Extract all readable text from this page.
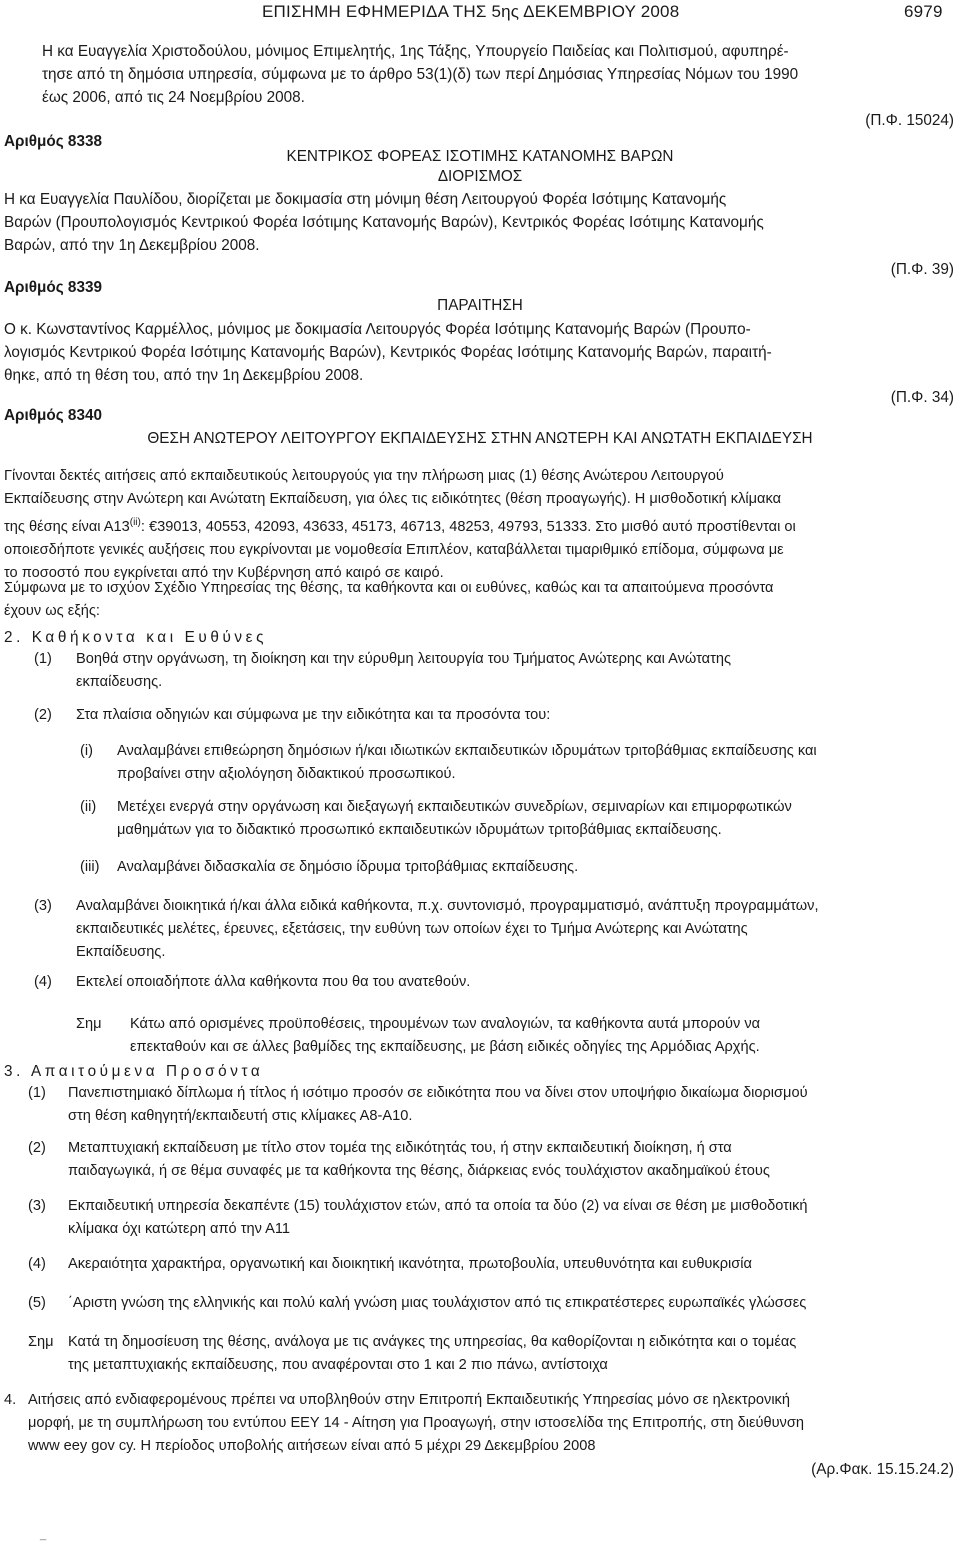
ΕΠΙΣΗΜΗ ΕΦΗΜΕΡΙΔΑ ΤΗΣ 5ης ΔΕΚΕΜΒΡΙΟΥ 2008	6979
Η κα Ευαγγελία Χριστοδούλου, μόνιμος Επιμελητής, 1ης Τάξης, Υπουργείο Παιδείας και Πολιτισμού, αφυπηρέ-
τησε από τη δημόσια υπηρεσία, σύμφωνα με το άρθρο 53(1)(δ) των περί Δημόσιας Υπηρεσίας Νόμων του 1990
έως 2006, από τις 24 Νοεμβρίου 2008.
(Π.Φ. 15024)
Αριθμός 8338
ΚΕΝΤΡΙΚΟΣ ΦΟΡΕΑΣ ΙΣΟΤΙΜΗΣ ΚΑΤΑΝΟΜΗΣ ΒΑΡΩΝ
ΔΙΟΡΙΣΜΟΣ
Η κα Ευαγγελία Παυλίδου, διορίζεται με δοκιμασία στη μόνιμη θέση Λειτουργού Φορέα Ισότιμης Κατανομής
Βαρών (Προυπολογισμός Κεντρικού Φορέα Ισότιμης Κατανομής Βαρών), Κεντρικός Φορέας Ισότιμης Κατανομής
Βαρών, από την 1η Δεκεμβρίου 2008.
(Π.Φ. 39)
Αριθμός 8339
ΠΑΡΑΙΤΗΣΗ
Ο κ. Κωνσταντίνος Καρμέλλος, μόνιμος με δοκιμασία Λειτουργός Φορέα Ισότιμης Κατανομής Βαρών (Προυπο-
λογισμός Κεντρικού Φορέα Ισότιμης Κατανομής Βαρών), Κεντρικός Φορέας Ισότιμης Κατανομής Βαρών, παραιτή-
θηκε, από τη θέση του, από την 1η Δεκεμβρίου 2008.
(Π.Φ. 34)
Αριθμός 8340
ΘΕΣΗ ΑΝΩΤΕΡΟΥ ΛΕΙΤΟΥΡΓΟΥ ΕΚΠΑΙΔΕΥΣΗΣ ΣΤΗΝ ΑΝΩΤΕΡΗ ΚΑΙ ΑΝΩΤΑΤΗ ΕΚΠΑΙΔΕΥΣΗ
Γίνονται δεκτές αιτήσεις από εκπαιδευτικούς λειτουργούς για την πλήρωση μιας (1) θέσης Ανώτερου Λειτουργού
Εκπαίδευσης στην Ανώτερη και Ανώτατη Εκπαίδευση, για όλες τις ειδικότητες (θέση προαγωγής). Η μισθοδοτική κλίμακα
της θέσης είναι Α13$^{(ii)}$: €39013, 40553, 42093, 43633, 45173, 46713, 48253, 49793, 51333. Στο μισθό αυτό προστίθενται οι
οποιεσδήποτε γενικές αυξήσεις που εγκρίνονται με νομοθεσία Επιπλέον, καταβάλλεται τιμαριθμικό επίδομα, σύμφωνα με
το ποσοστό που εγκρίνεται από την Κυβέρνηση από καιρό σε καιρό.
Σύμφωνα με το ισχύον Σχέδιο Υπηρεσίας της θέσης, τα καθήκοντα και οι ευθύνες, καθώς και τα απαιτούμενα προσόντα
έχουν ως εξής:
2. Καθήκοντα και Ευθύνες
(1) Βοηθά στην οργάνωση, τη διοίκηση και την εύρυθμη λειτουργία του Τμήματος Ανώτερης και Ανώτατης
εκπαίδευσης.
(2) Στα πλαίσια οδηγιών και σύμφωνα με την ειδικότητα και τα προσόντα του:
(i) Αναλαμβάνει επιθεώρηση δημόσιων ή/και ιδιωτικών εκπαιδευτικών ιδρυμάτων τριτοβάθμιας εκπαίδευσης και
προβαίνει στην αξιολόγηση διδακτικού προσωπικού.
(ii) Μετέχει ενεργά στην οργάνωση και διεξαγωγή εκπαιδευτικών συνεδρίων, σεμιναρίων και επιμορφωτικών
μαθημάτων για το διδακτικό προσωπικό εκπαιδευτικών ιδρυμάτων τριτοβάθμιας εκπαίδευσης.
(iii) Αναλαμβάνει διδασκαλία σε δημόσιο ίδρυμα τριτοβάθμιας εκπαίδευσης.
(3) Αναλαμβάνει διοικητικά ή/και άλλα ειδικά καθήκοντα, π.χ. συντονισμό, προγραμματισμό, ανάπτυξη προγραμμάτων,
εκπαιδευτικές μελέτες, έρευνες, εξετάσεις, την ευθύνη των οποίων έχει το Τμήμα Ανώτερης και Ανώτατης
Εκπαίδευσης.
(4) Εκτελεί οποιαδήποτε άλλα καθήκοντα που θα του ανατεθούν.
Σημ Κάτω από ορισμένες προϋποθέσεις, τηρουμένων των αναλογιών, τα καθήκοντα αυτά μπορούν να
επεκταθούν και σε άλλες βαθμίδες της εκπαίδευσης, με βάση ειδικές οδηγίες της Αρμόδιας Αρχής.
3. Απαιτούμενα Προσόντα
(1) Πανεπιστημιακό δίπλωμα ή τίτλος ή ισότιμο προσόν σε ειδικότητα που να δίνει στον υποψήφιο δικαίωμα διορισμού
στη θέση καθηγητή/εκπαιδευτή στις κλίμακες Α8-Α10.
(2) Μεταπτυχιακή εκπαίδευση με τίτλο στον τομέα της ειδικότητάς του, ή στην εκπαιδευτική διοίκηση, ή στα
παιδαγωγικά, ή σε θέμα συναφές με τα καθήκοντα της θέσης, διάρκειας ενός τουλάχιστον ακαδημαϊκού έτους
(3) Εκπαιδευτική υπηρεσία δεκαπέντε (15) τουλάχιστον ετών, από τα οποία τα δύο (2) να είναι σε θέση με μισθοδοτική
κλίμακα όχι κατώτερη από την Α11
(4) Ακεραιότητα χαρακτήρα, οργανωτική και διοικητική ικανότητα, πρωτοβουλία, υπευθυνότητα και ευθυκρισία
(5) ΄Αριστη γνώση της ελληνικής και πολύ καλή γνώση μιας τουλάχιστον από τις επικρατέστερες ευρωπαϊκές γλώσσες
Σημ Κατά τη δημοσίευση της θέσης, ανάλογα με τις ανάγκες της υπηρεσίας, θα καθορίζονται η ειδικότητα και ο τομέας
της μεταπτυχιακής εκπαίδευσης, που αναφέρονται στο 1 και 2 πιο πάνω, αντίστοιχα
4. Αιτήσεις από ενδιαφερομένους πρέπει να υποβληθούν στην Επιτροπή Εκπαιδευτικής Υπηρεσίας μόνο σε ηλεκτρονική
μορφή, με τη συμπλήρωση του εντύπου ΕΕΥ 14 - Αίτηση για Προαγωγή, στην ιστοσελίδα της Επιτροπής, στη διεύθυνση
www eey gov cy. Η περίοδος υποβολής αιτήσεων είναι από 5 μέχρι 29 Δεκεμβρίου 2008
(Αρ.Φακ. 15.15.24.2)
_
